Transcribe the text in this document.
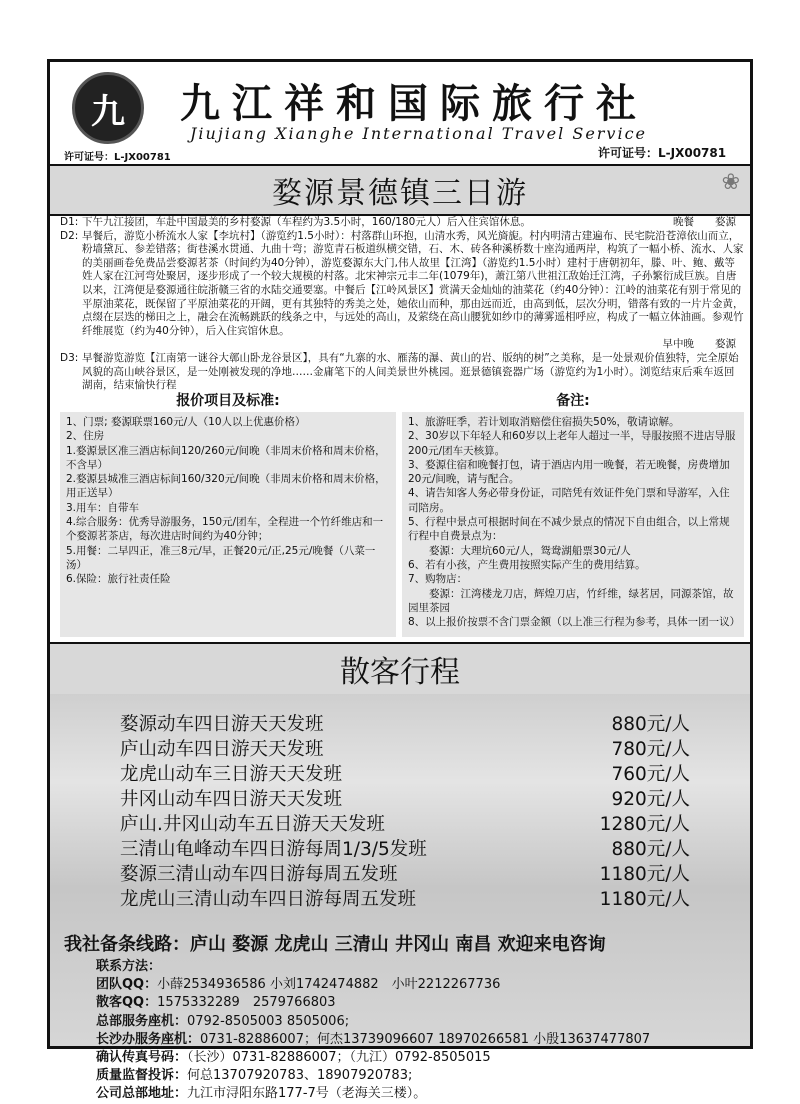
九	九江祥和国际旅行社
Jiujiang Xianghe International Travel Service
许可证号：L-JX00781	许可证号：L-JX00781
婺源景德镇三日游	❀
D1: 下午九江接团，车赴中国最美的乡村婺源（车程约为3.5小时，160/180元人）后入住宾馆休息。	晚餐　　婺源
D2: 早餐后，游览小桥流水人家【李坑村】（游览约1.5小时）：村落群山环抱，山清水秀，风光旖旎。村内明清古建遍布、民宅院沿苍漳依山而立，粉墙黛瓦、参差错落；街巷溪水贯通、九曲十弯；游览青石板道纵横交错，石、木、砖各种溪桥数十座沟通两岸，构筑了一幅小桥、流水、人家的美丽画卷免费品尝婺源茗茶（时间约为40分钟），游览婺源东大门,伟人故里【江湾】（游览约1.5小时）建村于唐朝初年，滕、叶、鲍、戴等姓人家在江河弯处聚居，逐步形成了一个较大规模的村落。北宋神宗元丰二年(1079年)，萧江第八世祖江敌始迁江湾，子孙繁衍成巨族。自唐以来，江湾便是婺源通往皖浙赣三省的水陆交通要塞。中餐后【江岭风景区】赏满天金灿灿的油菜花（约40分钟）：江岭的油菜花有别于常见的平原油菜花，既保留了平原油菜花的开阔，更有其独特的秀美之处，她依山而种，那由远而近，由高到低，层次分明，错落有致的一片片金黄，点缀在层迭的梯田之上，融会在流畅跳跃的线条之中，与远处的高山，及萦绕在高山腰犹如纱巾的薄雾遥相呼应，构成了一幅立体油画。参观竹纤维展览（约为40分钟），后入住宾馆休息。
早中晚　　婺源
D3: 早餐游览游览【江南第一谜谷大鄣山卧龙谷景区】，具有“九寨的水、雁荡的瀑、黄山的岩、版纳的树”之美称，是一处景观价值独特，完全原始风貌的高山峡谷景区，是一处刚被发现的净地……金庸笔下的人间美景世外桃园。逛景德镇瓷器广场（游览约为1小时）。浏览结束后乘车返回湖南，结束愉快行程
报价项目及标准:
1、门票; 婺源联票160元/人（10人以上优惠价格）
2、住房
1.婺源景区准三酒店标间120/260元/间晚（非周末价格和周末价格，不含早）
2.婺源县城准三酒店标间160/320元/间晚（非周末价格和周末价格，用正送早）
3.用车：自带车
4.综合服务：优秀导游服务，150元/团车，全程进一个竹纤维店和一个婺源茗茶店，每次进店时间约为40分钟；
5.用餐：二早四正，准三8元/早，正餐20元/正,25元/晚餐（八菜一汤）
6.保险：旅行社责任险
备注:
1、旅游旺季，若计划取消赔偿住宿损失50%，敬请谅解。
2、30岁以下年轻人和60岁以上老年人超过一半，导服按照不进店导服200元/团车天核算。
3、婺源住宿和晚餐打包，请于酒店内用一晚餐，若无晚餐，房费增加20元/间晚，请与配合。
4、请告知客人务必带身份证，司陪凭有效证件免门票和导游军，入住司陪房。
5、行程中景点可根据时间在不减少景点的情况下自由组合，以上常规行程中自费景点为：
　　婺源：大理坑60元/人，鸳鸯湖船票30元/人
6、若有小孩，产生费用按照实际产生的费用结算。
7、购物店：
　　婺源：江湾楼龙刀店，辉煌刀店，竹纤维，绿茗居，同源茶馆，故园里茶园
8、以上报价按票不含门票金额（以上准三行程为参考，具体一团一议）
散客行程
婺源动车四日游天天发班	880元/人
庐山动车四日游天天发班	780元/人
龙虎山动车三日游天天发班	760元/人
井冈山动车四日游天天发班	920元/人
庐山.井冈山动车五日游天天发班	1280元/人
三清山龟峰动车四日游每周1/3/5发班	880元/人
婺源三清山动车四日游每周五发班	1180元/人
龙虎山三清山动车四日游每周五发班	1180元/人
我社备条线路：庐山 婺源 龙虎山 三清山 井冈山 南昌 欢迎来电咨询
联系方法：
团队QQ：小薛2534936586 小刘1742474882　小叶2212267736
散客QQ：1575332289　2579766803
总部服务座机：0792-8505003 8505006;
长沙办服务座机：0731-82886007；何杰13739096607 18970266581 小殷13637477807
确认传真号码：（长沙）0731-82886007；（九江）0792-8505015
质量监督投诉：何总13707920783、18907920783;
公司总部地址：九江市浔阳东路177-7号（老海关三楼）。
